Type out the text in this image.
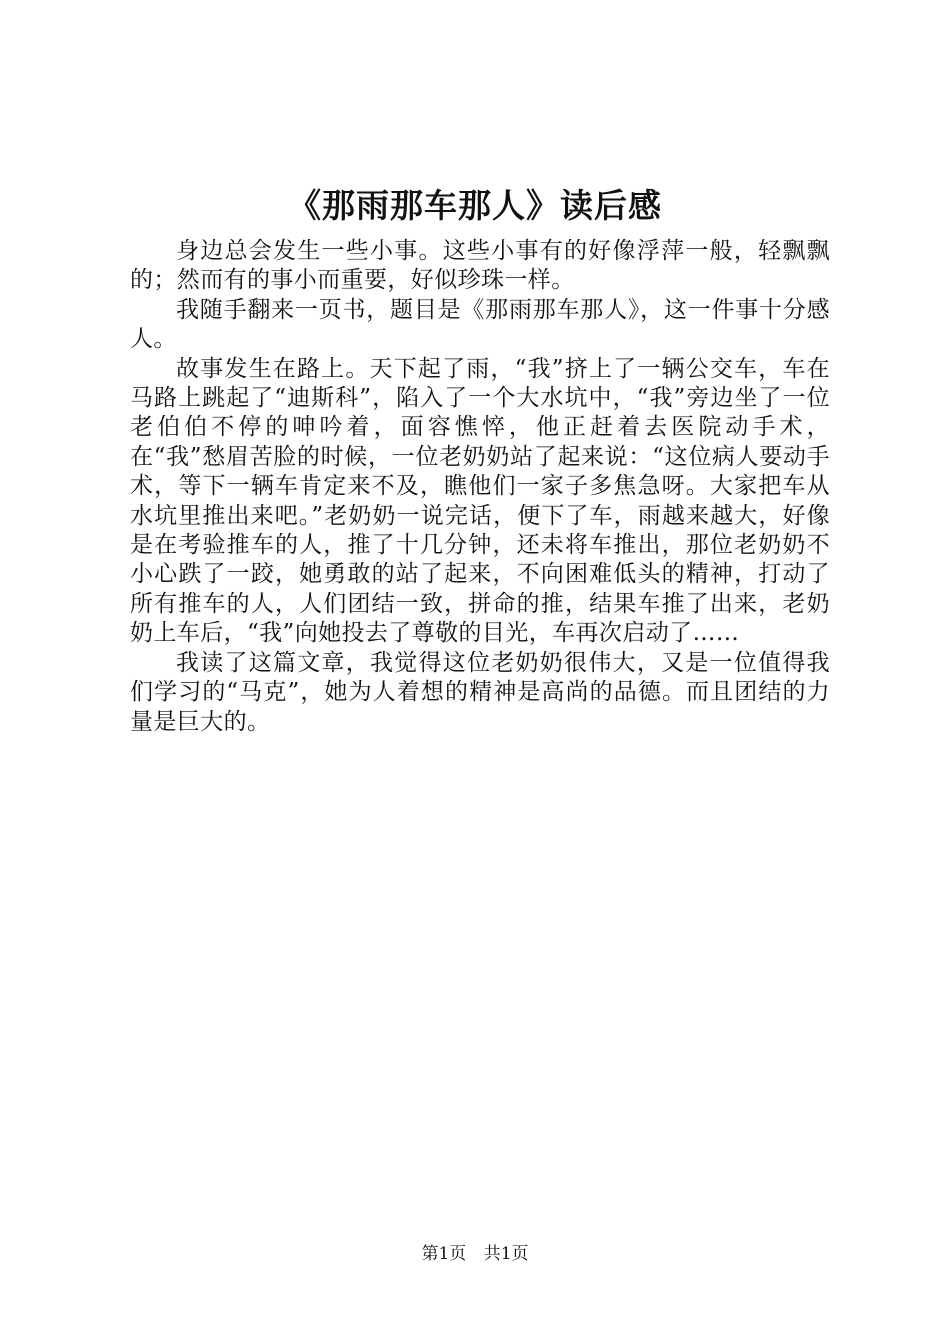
《那雨那车那人》读后感

身边总会发生一些小事。这些小事有的好像浮萍一般，轻飘飘的；然而有的事小而重要，好似珍珠一样。

我随手翻来一页书，题目是《那雨那车那人》，这一件事十分感人。

故事发生在路上。天下起了雨，“我”挤上了一辆公交车，车在马路上跳起了“迪斯科”，陷入了一个大水坑中，“我”旁边坐了一位老伯伯不停的呻吟着，面容憔悴，他正赶着去医院动手术，在“我”愁眉苦脸的时候，一位老奶奶站了起来说：“这位病人要动手术，等下一辆车肯定来不及，瞧他们一家子多焦急呀。大家把车从水坑里推出来吧。”老奶奶一说完话，便下了车，雨越来越大，好像是在考验推车的人，推了十几分钟，还未将车推出，那位老奶奶不小心跌了一跤，她勇敢的站了起来，不向困难低头的精神，打动了所有推车的人，人们团结一致，拼命的推，结果车推了出来，老奶奶上车后，“我”向她投去了尊敬的目光，车再次启动了……

我读了这篇文章，我觉得这位老奶奶很伟大，又是一位值得我们学习的“马克”，她为人着想的精神是高尚的品德。而且团结的力量是巨大的。

第1页 共1页
